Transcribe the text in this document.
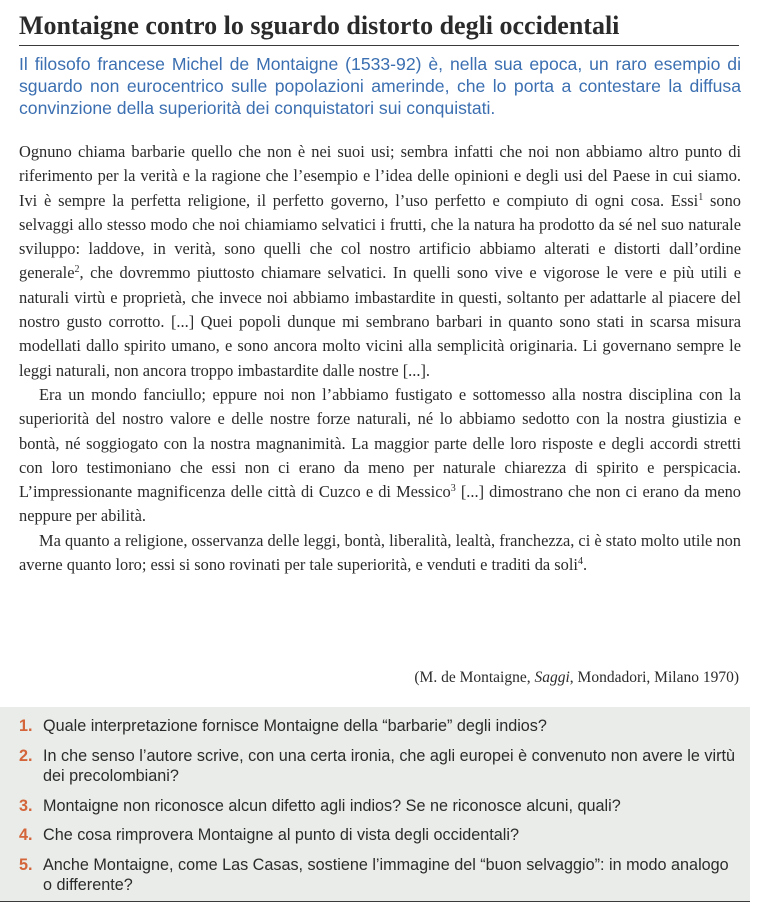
Montaigne contro lo sguardo distorto degli occidentali
Il filosofo francese Michel de Montaigne (1533-92) è, nella sua epoca, un raro esempio di sguardo non eurocentrico sulle popolazioni amerinde, che lo porta a contestare la diffusa convinzione della superiorità dei conquistatori sui conquistati.

Ognuno chiama barbarie quello che non è nei suoi usi; sembra infatti che noi non abbiamo altro punto di riferimento per la verità e la ragione che l’esempio e l’idea delle opinioni e degli usi del Paese in cui siamo. Ivi è sempre la perfetta religione, il perfetto governo, l’uso perfetto e compiuto di ogni cosa. Essi$^1$ sono selvaggi allo stesso modo che noi chiamiamo selvatici i frutti, che la natura ha prodotto da sé nel suo naturale sviluppo: laddove, in verità, sono quelli che col nostro artificio abbiamo alterati e distorti dall’ordine generale$^2$, che dovremmo piuttosto chiamare selvatici. In quelli sono vive e vigorose le vere e più utili e naturali virtù e proprietà, che invece noi abbiamo imbastardite in questi, soltanto per adattarle al piacere del nostro gusto corrotto. [...] Quei popoli dunque mi sembrano barbari in quanto sono stati in scarsa misura modellati dallo spirito umano, e sono ancora molto vicini alla semplicità originaria. Li governano sempre le leggi naturali, non ancora troppo imbastardite dalle nostre [...].

Era un mondo fanciullo; eppure noi non l’abbiamo fustigato e sottomesso alla nostra disciplina con la superiorità del nostro valore e delle nostre forze naturali, né lo abbiamo sedotto con la nostra giustizia e bontà, né soggiogato con la nostra magnanimità. La maggior parte delle loro risposte e degli accordi stretti con loro testimoniano che essi non ci erano da meno per naturale chiarezza di spirito e perspicacia. L’impressionante magnificenza delle città di Cuzco e di Messico$^3$ [...] dimostrano che non ci erano da meno neppure per abilità.

Ma quanto a religione, osservanza delle leggi, bontà, liberalità, lealtà, franchezza, ci è stato molto utile non averne quanto loro; essi si sono rovinati per tale superiorità, e venduti e traditi da soli$^4$.

(M. de Montaigne, Saggi, Mondadori, Milano 1970)
1. Quale interpretazione fornisce Montaigne della “barbarie” degli indios?
2. In che senso l’autore scrive, con una certa ironia, che agli europei è convenuto non avere le virtù dei precolombiani?
3. Montaigne non riconosce alcun difetto agli indios? Se ne riconosce alcuni, quali?
4. Che cosa rimprovera Montaigne al punto di vista degli occidentali?
5. Anche Montaigne, come Las Casas, sostiene l’immagine del “buon selvaggio”: in modo analogo o differente?
